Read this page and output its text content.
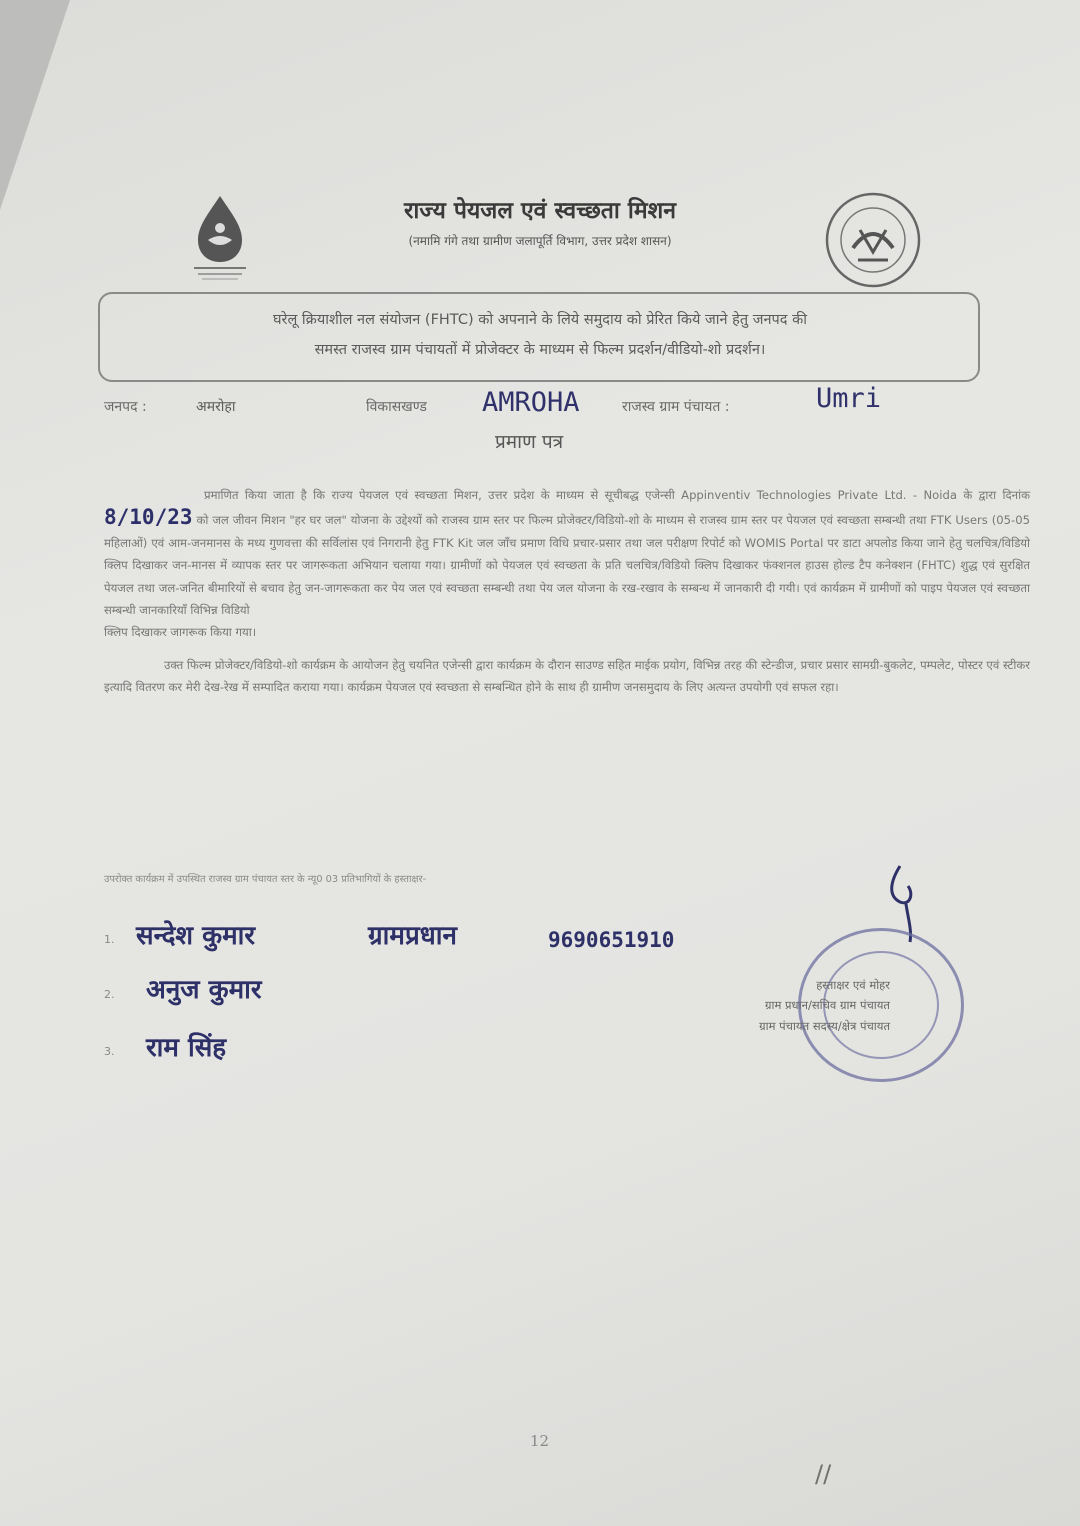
राज्य पेयजल एवं स्वच्छता मिशन
(नमामि गंगे तथा ग्रामीण जलापूर्ति विभाग, उत्तर प्रदेश शासन)
घरेलू क्रियाशील नल संयोजन (FHTC) को अपनाने के लिये समुदाय को प्रेरित किये जाने हेतु जनपद की
समस्त राजस्व ग्राम पंचायतों में प्रोजेक्टर के माध्यम से फिल्म प्रदर्शन/वीडियो-शो प्रदर्शन।
जनपद :	अमरोहा	विकासखण्ड AMROHA	राजस्व ग्राम पंचायत :	Umri
प्रमाण पत्र

प्रमाणित किया जाता है कि राज्य पेयजल एवं स्वच्छता मिशन, उत्तर प्रदेश के माध्यम से सूचीबद्ध एजेन्सी Appinventiv Technologies Private Ltd. - Noida के द्वारा दिनांक 8/10/23 को जल जीवन मिशन "हर घर जल" योजना के उद्देश्यों को राजस्व ग्राम स्तर पर फिल्म प्रोजेक्टर/विडियो-शो के माध्यम से राजस्व ग्राम स्तर पर पेयजल एवं स्वच्छता सम्बन्धी तथा FTK Users (05-05 महिलाओं) एवं आम-जनमानस के मध्य गुणवत्ता की सर्विलांस एवं निगरानी हेतु FTK Kit जल जाँच प्रमाण विधि प्रचार-प्रसार तथा जल परीक्षण रिपोर्ट को WOMIS Portal पर डाटा अपलोड किया जाने हेतु चलचित्र/विडियो क्लिप दिखाकर जन-मानस में व्यापक स्तर पर जागरूकता अभियान चलाया गया। ग्रामीणों को पेयजल एवं स्वच्छता के प्रति चलचित्र/विडियो क्लिप दिखाकर फंक्शनल हाउस होल्ड टैप कनेक्शन (FHTC) शुद्ध एवं सुरक्षित पेयजल तथा जल-जनित बीमारियों से बचाव हेतु जन-जागरूकता कर पेय जल एवं स्वच्छता सम्बन्धी तथा पेय जल योजना के रख-रखाव के सम्बन्ध में जानकारी दी गयी। एवं कार्यक्रम में ग्रामीणों को पाइप पेयजल एवं स्वच्छता सम्बन्धी जानकारियाँ विभिन्न विडियो

क्लिप दिखाकर जागरूक किया गया।

उक्त फिल्म प्रोजेक्टर/विडियो-शो कार्यक्रम के आयोजन हेतु चयनित एजेन्सी द्वारा कार्यक्रम के दौरान साउण्ड सहित माईक प्रयोग, विभिन्न तरह की स्टेन्डीज, प्रचार प्रसार सामग्री-बुकलेट, पम्पलेट, पोस्टर एवं स्टीकर इत्यादि वितरण कर मेरी देख-रेख में सम्पादित कराया गया। कार्यक्रम पेयजल एवं स्वच्छता से सम्बन्धित होने के साथ ही ग्रामीण जनसमुदाय के लिए अत्यन्त उपयोगी एवं सफल रहा।

उपरोक्त कार्यक्रम में उपस्थित राजस्व ग्राम पंचायत स्तर के न्यू0 03 प्रतिभागियों के हस्ताक्षर-
1. सन्देश कुमार	ग्रामप्रधान	9690651910
2. अनुज कुमार
3. राम सिंह
हस्ताक्षर एवं मोहर
ग्राम प्रधान/सचिव ग्राम पंचायत
ग्राम पंचायत सदस्य/क्षेत्र पंचायत
12
//
